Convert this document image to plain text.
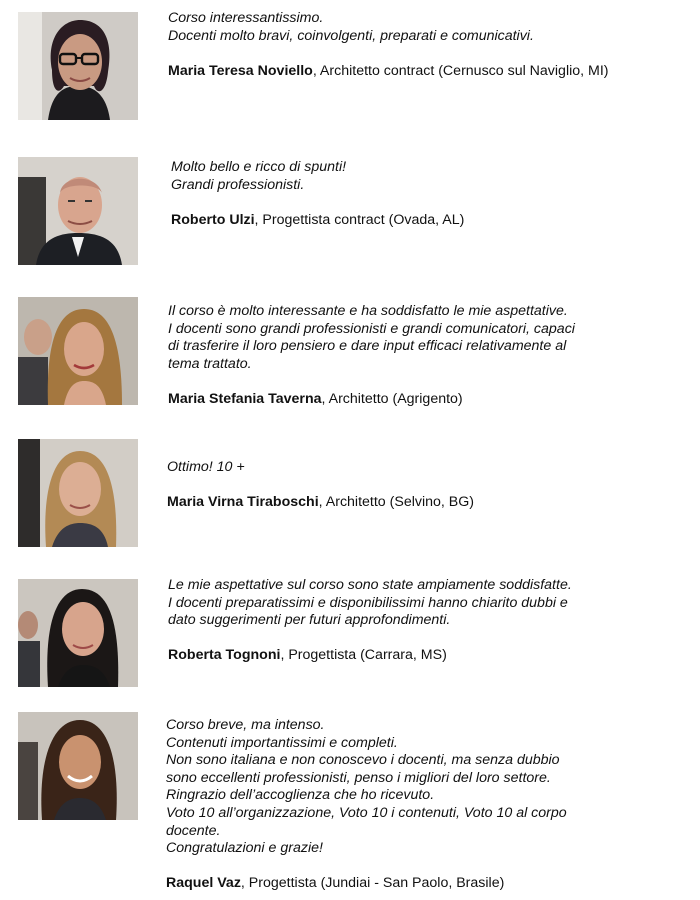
Corso interessantissimo.
Docenti molto bravi, coinvolgenti, preparati e comunicativi.
Maria Teresa Noviello, Architetto contract (Cernusco sul Naviglio, MI)
Molto bello e ricco di spunti!
Grandi professionisti.
Roberto Ulzi, Progettista contract (Ovada, AL)
Il corso è molto interessante e ha soddisfatto le mie aspettative.
I docenti sono grandi professionisti e grandi comunicatori, capaci
di trasferire il loro pensiero e dare input efficaci relativamente al
tema trattato.
Maria Stefania Taverna, Architetto (Agrigento)
Ottimo! 10 +
Maria Virna Tiraboschi, Architetto (Selvino, BG)
Le mie aspettative sul corso sono state ampiamente soddisfatte.
I docenti preparatissimi e disponibilissimi hanno chiarito dubbi e
dato suggerimenti per futuri approfondimenti.
Roberta Tognoni, Progettista (Carrara, MS)
Corso breve, ma intenso.
Contenuti importantissimi e completi.
Non sono italiana e non conoscevo i docenti, ma senza dubbio
sono eccellenti professionisti, penso i migliori del loro settore.
Ringrazio dell’accoglienza che ho ricevuto.
Voto 10 all’organizzazione, Voto 10 i contenuti, Voto 10 al corpo
docente.
Congratulazioni e grazie!
Raquel Vaz, Progettista (Jundiai - San Paolo, Brasile)
